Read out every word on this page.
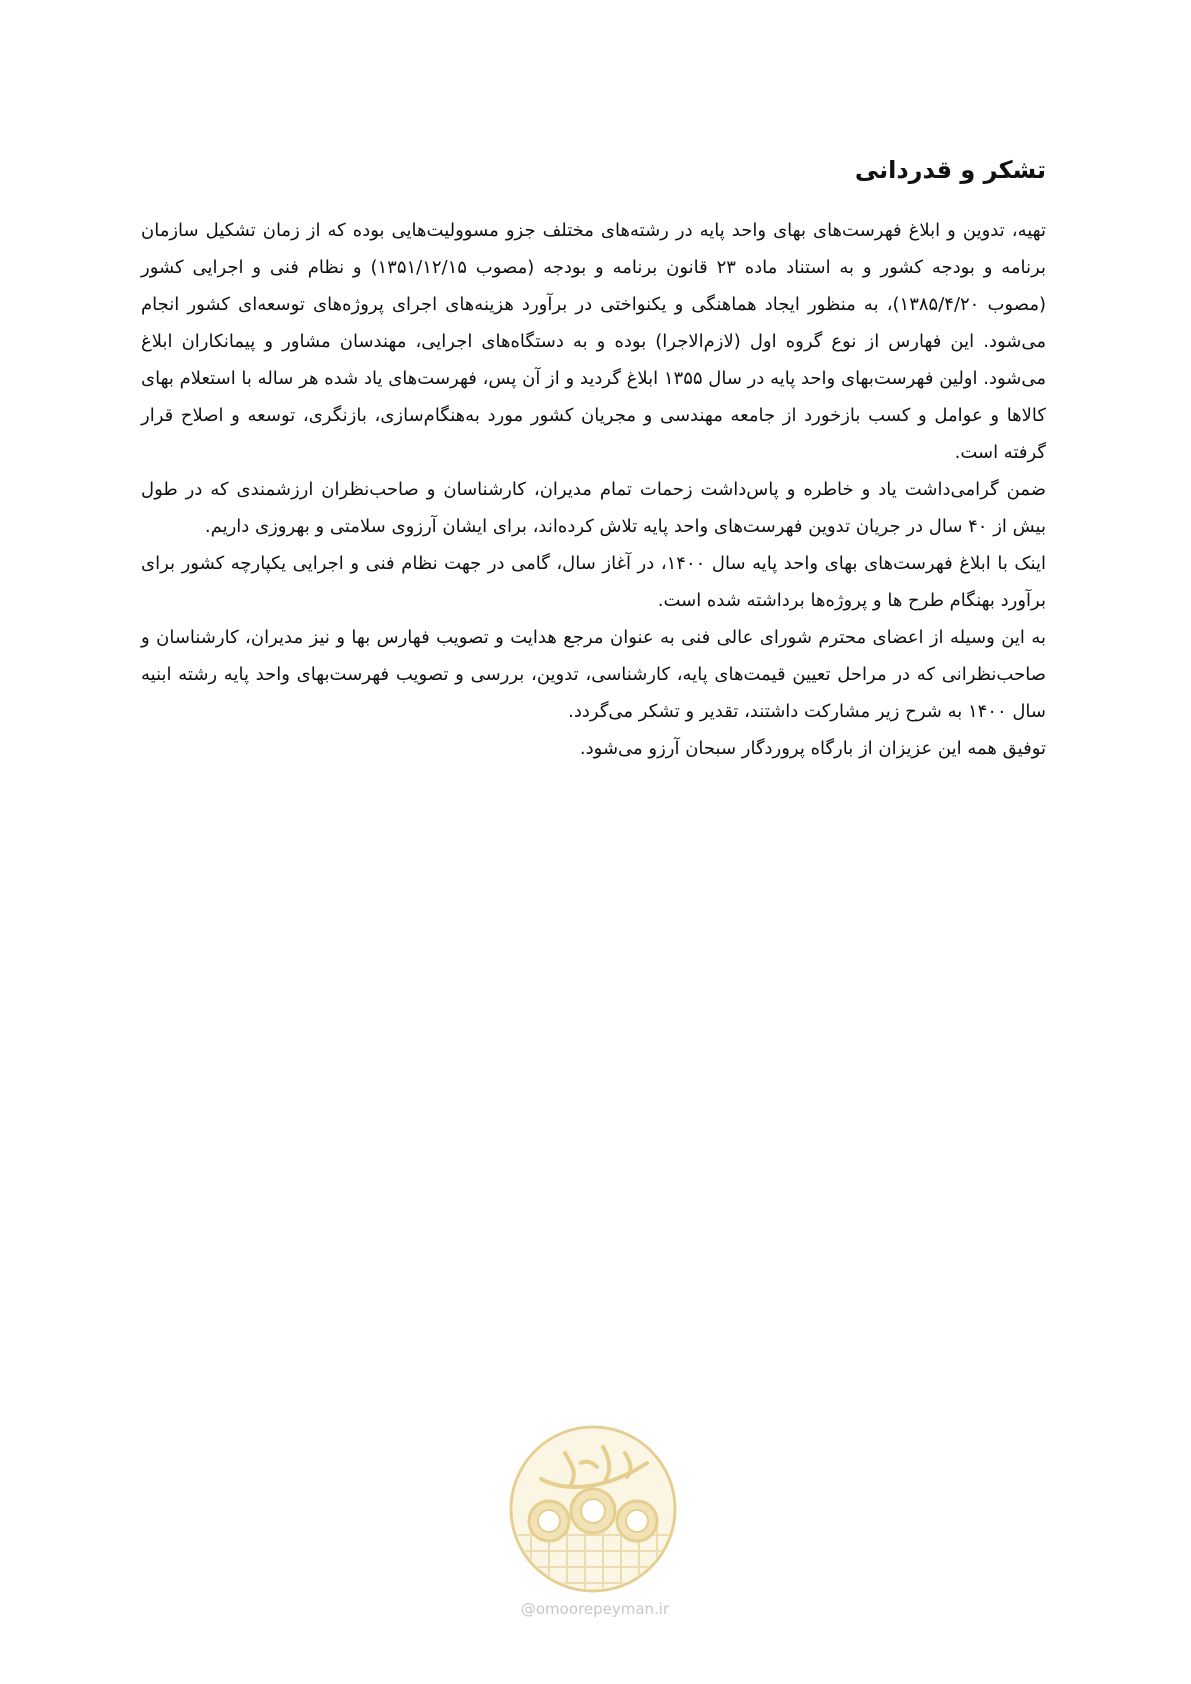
تشکر و قدردانی

تهیه، تدوین و ابلاغ فهرست‌های بهای واحد پایه در رشته‌های مختلف جزو مسوولیت‌هایی بوده که از زمان تشکیل سازمان برنامه و بودجه کشور و به استناد ماده ۲۳ قانون برنامه و بودجه (مصوب ۱۳۵۱/۱۲/۱۵) و نظام فنی و اجرایی کشور (مصوب ۱۳۸۵/۴/۲۰)، به منظور ایجاد هماهنگی و یکنواختی در برآورد هزینه‌های اجرای پروژه‌های توسعه‌ای کشور انجام می‌شود. این فهارس از نوع گروه اول (لازم‌الاجرا) بوده و به دستگاه‌های اجرایی، مهندسان مشاور و پیمانکاران ابلاغ می‌شود. اولین فهرست‌بهای واحد پایه در سال ۱۳۵۵ ابلاغ گردید و از آن پس، فهرست‌های یاد شده هر ساله با استعلام بهای کالاها و عوامل و کسب بازخورد از جامعه مهندسی و مجریان کشور مورد به‌هنگام‌سازی، بازنگری، توسعه و اصلاح قرار گرفته است.

ضمن گرامی‌داشت یاد و خاطره و پاس‌داشت زحمات تمام مدیران، کارشناسان و صاحب‌نظران ارزشمندی که در طول بیش از ۴۰ سال در جریان تدوین فهرست‌های واحد پایه تلاش کرده‌اند، برای ایشان آرزوی سلامتی و بهروزی داریم.

اینک با ابلاغ فهرست‌های بهای واحد پایه سال ۱۴۰۰، در آغاز سال، گامی در جهت نظام فنی و اجرایی یکپارچه کشور برای برآورد بهنگام طرح ها و پروژه‌ها برداشته شده است.

به این وسیله از اعضای محترم شورای عالی فنی به عنوان مرجع هدایت و تصویب فهارس بها و نیز مدیران، کارشناسان و صاحب‌نظرانی که در مراحل تعیین قیمت‌های پایه، کارشناسی، تدوین، بررسی و تصویب فهرست‌بهای واحد پایه رشته ابنیه سال ۱۴۰۰ به شرح زیر مشارکت داشتند، تقدیر و تشکر می‌گردد.

توفیق همه این عزیزان از بارگاه پروردگار سبحان آرزو می‌شود.

@omoorepeyman.ir
